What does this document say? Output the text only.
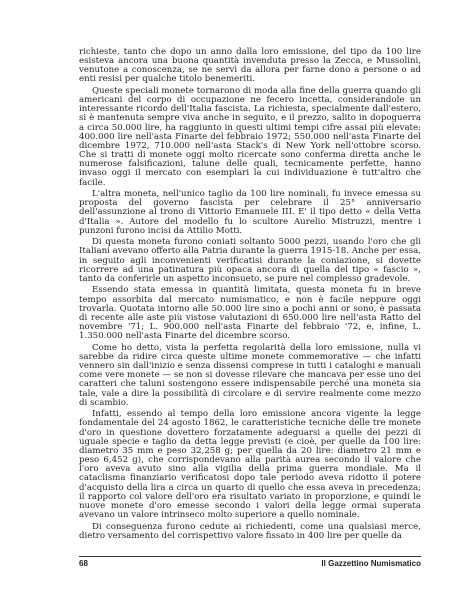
richieste, tanto che dopo un anno dalla loro emissione, del tipo da 100 lire esisteva ancora una buona quantità invenduta presso la Zecca, e Mussolini, venutone a conoscenza, se ne servì da allora per farne dono a persone o ad enti resisi per qualche titolo benemeriti.

Queste speciali monete tornarono di moda alla fine della guerra quando gli americani del corpo di occupazione ne fecero incetta, considerandole un interessante ricordo dell'Italia fascista. La richiesta, specialmente dall'estero, si è mantenuta sempre viva anche in seguito, e il prezzo, salito in dopoguerra a circa 50.000 lire, ha raggiunto in questi ultimi tempi cifre assai più elevate: 400.000 lire nell'asta Finarte del febbraio 1972; 550.000 nell'asta Finarte del dicembre 1972, 710.000 nell'asta Stack's di New York nell'ottobre scorso. Che si tratti di monete oggi molto ricercate sono conferma diretta anche le numerose falsificazioni, talune delle quali, tecnicamente perfette, hanno invaso oggi il mercato con esemplari la cui individuazione è tutt'altro che facile.

L'altra moneta, nell'unico taglio da 100 lire nominali, fu invece emessa su proposta del governo fascista per celebrare il 25° anniversario dell'assunzione al trono di Vittorio Emanuele III. E' il tipo detto « della Vetta d'Italia ». Autore del modello fu lo scultore Aurelio Mistruzzi, mentre i punzoni furono incisi da Attilio Motti.

Di questa moneta furono coniati soltanto 5000 pezzi, usando l'oro che gli Italiani avevano offerto alla Patria durante la guerra 1915-18. Anche per essa, in seguito agli inconvenienti verificatisi durante la coniazione, si dovette ricorrere ad una patinatura più opaca ancora di quella del tipo « fascio », tanto da conferirle un aspetto inconsueto, se pure nel complesso gradevole.

Essendo stata emessa in quantità limitata, questa moneta fu in breve tempo assorbita dal mercato numismatico, e non è facile neppure oggi trovarla. Quotata intorno alle 50.000 lire sino a pochi anni or sono, è passata di recente alle aste più vistose valutazioni di 650.000 lire nell'asta Ratto del novembre '71; L. 900.000 nell'asta Finarte del febbraio '72, e, infine, L. 1.350.000 nell'asta Finarte del dicembre scorso.

Come ho detto, vista la perfetta regolarità della loro emissione, nulla vi sarebbe da ridire circa queste ultime monete commemorative — che infatti vennero sin dall'inizio e senza dissensi comprese in tutti i cataloghi e manuali come vere monete — se non si dovesse rilevare che mancava per esse uno dei caratteri che taluni sostengono essere indispensabile perché una moneta sia tale, vale a dire la possibilità di circolare e di servire realmente come mezzo di scambio.

Infatti, essendo al tempo della loro emissione ancora vigente la legge fondamentale del 24 agosto 1862, le caratteristiche tecniche delle tre monete d'oro in questione dovettero forzatamente adeguarsi a quelle dei pezzi di uguale specie e taglio da detta legge previsti (e cioè, per quelle da 100 lire: diametro 35 mm e peso 32,258 g; per quella da 20 lire: diametro 21 mm e peso 6,452 g), che corrispondevano alla parità aurea secondo il valore che l'oro aveva avuto sino alla vigilia della prima guerra mondiale. Ma il cataclisma finanziario verificatosi dopo tale periodo aveva ridotto il potere d'acquisto della lira a circa un quarto di quello che essa aveva in precedenza; il rapporto col valore dell'oro era risultato variato in proporzione, e quindi le nuove monete d'oro emesse secondo i valori della legge ormai superata avevano un valore intrinseco molto superiore a quello nominale.

Di conseguenza furono cedute ai richiedenti, come una qualsiasi merce, dietro versamento del corrispettivo valore fissato in 400 lire per quelle da

68	Il Gazzettino Numismatico
